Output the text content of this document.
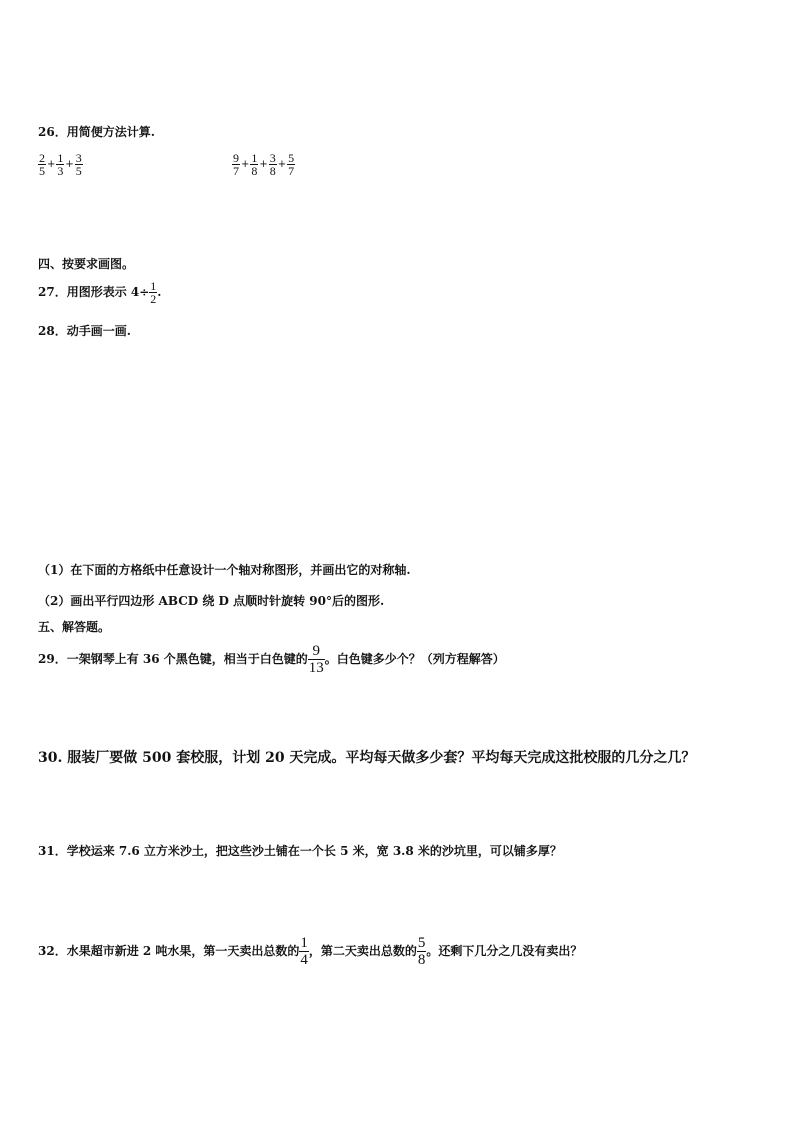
26．用简便方法计算.
$\frac{2}{5} + \frac{1}{3} + \frac{3}{5}$	$\frac{9}{7} + \frac{1}{8} + \frac{3}{8} + \frac{5}{7}$
四、按要求画图。
27．用图形表示 $4\div \frac{1}{2}$ .
28．动手画一画.
（1）在下面的方格纸中任意设计一个轴对称图形，并画出它的对称轴.
（2）画出平行四边形 ABCD 绕 D 点顺时针旋转 90°后的图形.
五、解答题。
29．一架钢琴上有 36 个黑色键，相当于白色键的 $\frac{9}{13}$ 。白色键多少个？（列方程解答）
30. 服装厂要做 500 套校服，计划 20 天完成。平均每天做多少套？平均每天完成这批校服的几分之几？
31．学校运来 7.6 立方米沙土，把这些沙土铺在一个长 5 米，宽 3.8 米的沙坑里，可以铺多厚？
32．水果超市新进 2 吨水果，第一天卖出总数的 $\frac{1}{4}$ ，第二天卖出总数的 $\frac{5}{8}$ 。还剩下几分之几没有卖出？
